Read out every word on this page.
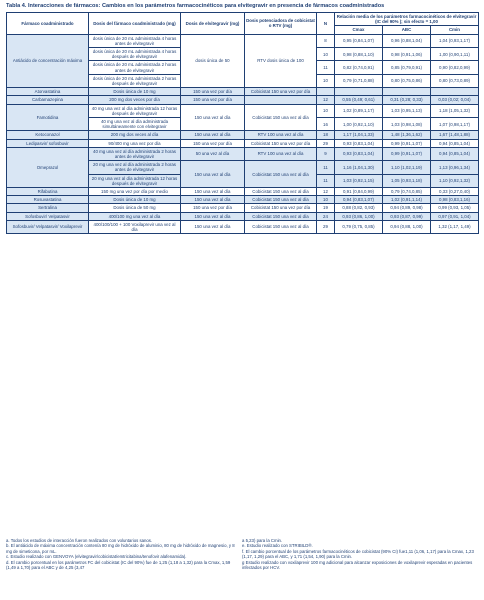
Tabla 4. Interacciones de fármacos: Cambios en los parámetros farmacocinéticos para elvitegravir en presencia de fármacos coadministrados
Fármaco coadministrado	Dosis del fármaco coadministrado (mg)	Dosis de elvitegravir (mg)	Dosis potenciadora de cobicistat o RTV (mg)	N	Relación media de los parámetros farmacocinéticos de elvitegravir (IC del 90% ); sin efecto = 1,00		
					Cmax	ABC	Cmin
Antiácido de concentración máxima	dosis única de 20 mL administrada 4 horas antes de elvitegravir	dosis única de 50	RTV dosis única de 100	8	0,95 (0,84,1,07)	0,96 (0,88,1,04)	1,04 (0,93,1,17)
	dosis única de 20 mL administrada 4 horas después de elvitegravir			10	0,98 (0,88,1,10)	0,98 (0,91,1,06)	1,00 (0,90,1,11)
	dosis única de 20 mL administrada 2 horas antes de elvitegravir			11	0,82 (0,74,0,91)	0,85 (0,79,0,91)	0,90 (0,82,0,99)
	dosis única de 20 mL administrada 2 horas después de elvitegravir			10	0,79 (0,71,0,88)	0,80 (0,75,0,86)	0,80 (0,73,0,89)
Atorvastatina	Dosis única de 10 mg	150 una vez por día	Cobicistat 150 una vez por día				
Carbamazepina	200 mg dos veces por día	150 una vez por día		12	0,55 (0,49; 0,61)	0,31 (0,28; 0,33)	0,03 (0,02; 0,04)
Famotidina	40 mg una vez al día administrada 12 horas después de elvitegravir	150 una vez al día	Cobicistat 150 una vez al día	10	1,02 (0,89,1,17)	1,03 (0,95,1,13)	1,18 (1,05,1,32)
	40 mg una vez al día administrada simultáneamente con elvitegravir			16	1,00 (0,92,1,10)	1,03 (0,98,1,08)	1,07 (0,98,1,17)
Ketoconazol	200 mg dos veces al día	150 una vez al día	RTV 100 una vez al día	18	1,17 (1,04,1,33)	1,48 (1,36,1,62)	1,67 (1,48,1,88)
Ledipasvir/ sofosbuvir	90/400 mg una vez por día	150 una vez por día	Cobicistat 150 una vez por día	29	0,93 (0,83,1,04)	0,99 (0,91,1,07)	0,94 (0,85,1,04)
Omeprazol	40 mg una vez al día administrada 2 horas antes de elvitegravir	50 una vez al día	RTV 100 una vez al día	9	0,93 (0,83,1,04)	0,99 (0,91,1,07)	0,94 (0,85,1,04)
	20 mg una vez al día administrada 2 horas antes de elvitegravir	150 una vez al día	Cobicistat 150 una vez al día	11	1,16 (1,04,1,30)	1,10 (1,02,1,19)	1,13 (0,96,1,34)
	20 mg una vez al día administrada 12 horas después de elvitegravir			11	1,03 (0,92,1,15)	1,05 (0,93,1,18)	1,10 (0,92,1,32)
Rifabutina	150 mg una vez por día por medio	150 una vez al día	Cobicistat 150 una vez al día	12	0,91 (0,84,0,99)	0,79 (0,74,0,85)	0,33 (0,27,0,40)
Rosuvastatina	Dosis única de 10 mg	150 una vez al día	Cobicistat 150 una vez al día	10	0,94 (0,83,1,07)	1,02 (0,91,1,14)	0,98 (0,83,1,16)
Sertralina	Dosis única de 50 mg	150 una vez por día	Cobicistat 150 una vez por día	19	0,88 (0,82, 0,93)	0,94 (0,89, 0,98)	0,99 (0,93, 1,05)
Sofosbuvir/ Velpatasvir	400/100 mg una vez al día	150 una vez al día	Cobicistat 150 una vez al día	24	0,93 (0,86, 1,00)	0,93 (0,87, 0,99)	0,97 (0,91, 1,04)
Sofosbuvir/ Velpatasvir/ Voxilaprevir	400/100/100 + 100 Voxilaprevir una vez al día	150 una vez al día	Cobicistat 150 una vez al día	29	0,79 (0,75, 0,85)	0,94 (0,88, 1,00)	1,32 (1,17, 1,49)
a. Todos los estudios de interacción fueron realizados con voluntarios sanos.
b. El antiácido de máxima concentración contenía 80 mg de hidróxido de aluminio, 80 mg de hidróxido de magnesio, y 8 mg de simeticona, por mL.
c. Estudio realizado con GENVOYA (elvitegravir/cobicistat/emtricitabina/tenofovir alafenamida).
d. El cambio porcentual en los parámetros FC del cobicistat (IC del 90%) fue de 1,25 (1,18 a 1,32) para la Cmax, 1,59 (1,49 a 1,70) para el ABC y de 4,25 (3,47
a 5,23) para la Cmin.
e. Estudio realizado con STRIBILD®.
f. El cambio porcentual de los parámetros farmacocinéticos de cobicistat (90% CI) fue1,11 (1,06, 1,17) para la Cmax, 1,23 (1,17, 1,29) para el ABC, y 1,71 (1,54, 1,90) para la Cmin.
g Estudio realizado con voxilaprevir 100 mg adicional para alcanzar exposiciones de voxilaprevir esperadas en pacientes infectados por HCV.
